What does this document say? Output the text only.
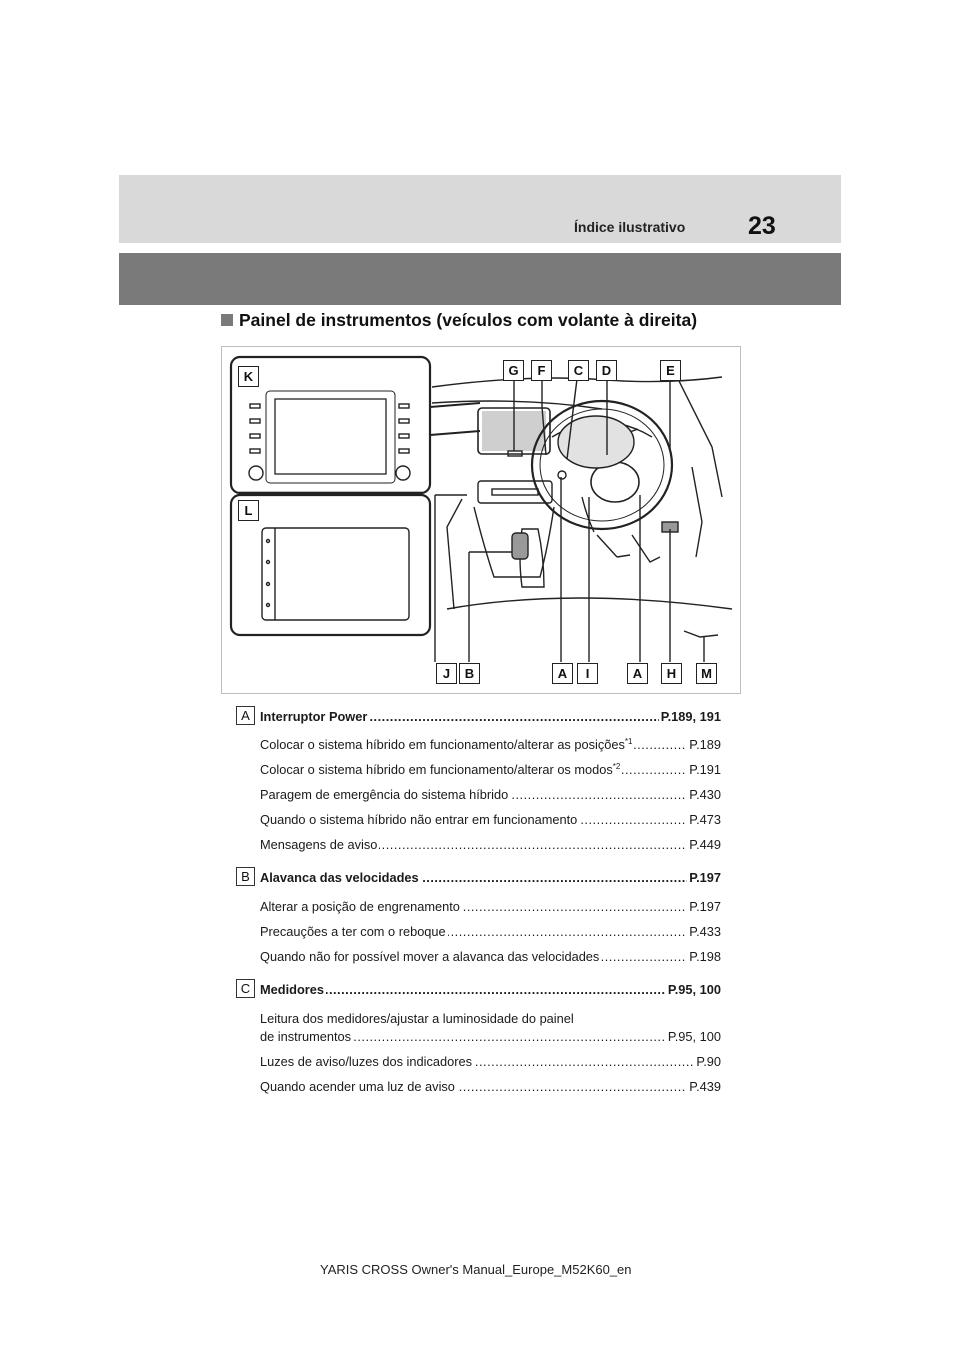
Índice ilustrativo	23
Painel de instrumentos (veículos com volante à direita)
G	F	C	D	E
K
L
J	B	A	I	A	H	M
A Interruptor Power	P.189, 191
.....
Colocar o sistema híbrido em funcionamento/alterar as posições$^{*1}$	P.189
.....
Colocar o sistema híbrido em funcionamento/alterar os modos$^{*2}$	P.191
.....
Paragem de emergência do sistema híbrido	P.430
.....
Quando o sistema híbrido não entrar em funcionamento	P.473
.....
Mensagens de aviso	P.449
.....
B Alavanca das velocidades	P.197
.....
Alterar a posição de engrenamento	P.197
.....
Precauções a ter com o reboque	P.433
.....
Quando não for possível mover a alavanca das velocidades	P.198
.....
C Medidores	P.95, 100
.....
Leitura dos medidores/ajustar a luminosidade do painel
de instrumentos	P.95, 100
.....
Luzes de aviso/luzes dos indicadores	P.90
.....
Quando acender uma luz de aviso	P.439
.....
YARIS CROSS Owner's Manual_Europe_M52K60_en
